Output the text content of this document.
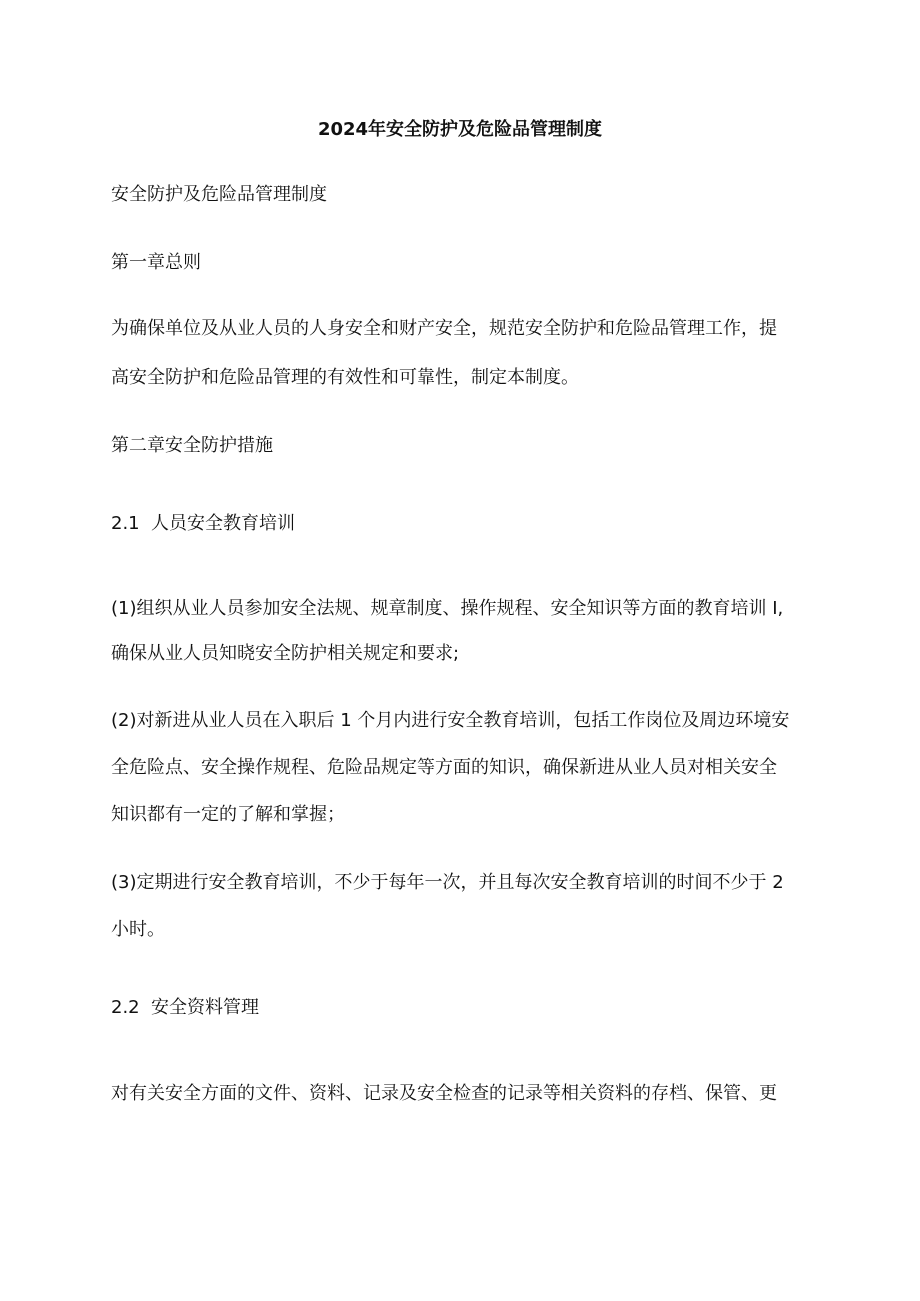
2024年安全防护及危险品管理制度
安全防护及危险品管理制度
第一章总则
为确保单位及从业人员的人身安全和财产安全，规范安全防护和危险品管理工作，提
高安全防护和危险品管理的有效性和可靠性，制定本制度。
第二章安全防护措施
2.1 人员安全教育培训
(1)组织从业人员参加安全法规、规章制度、操作规程、安全知识等方面的教育培训 I,
确保从业人员知晓安全防护相关规定和要求;
(2)对新进从业人员在入职后 1 个月内进行安全教育培训，包括工作岗位及周边环境安
全危险点、安全操作规程、危险品规定等方面的知识，确保新进从业人员对相关安全
知识都有一定的了解和掌握；
(3)定期进行安全教育培训，不少于每年一次，并且每次安全教育培训的时间不少于 2
小时。
2.2 安全资料管理
对有关安全方面的文件、资料、记录及安全检查的记录等相关资料的存档、保管、更
